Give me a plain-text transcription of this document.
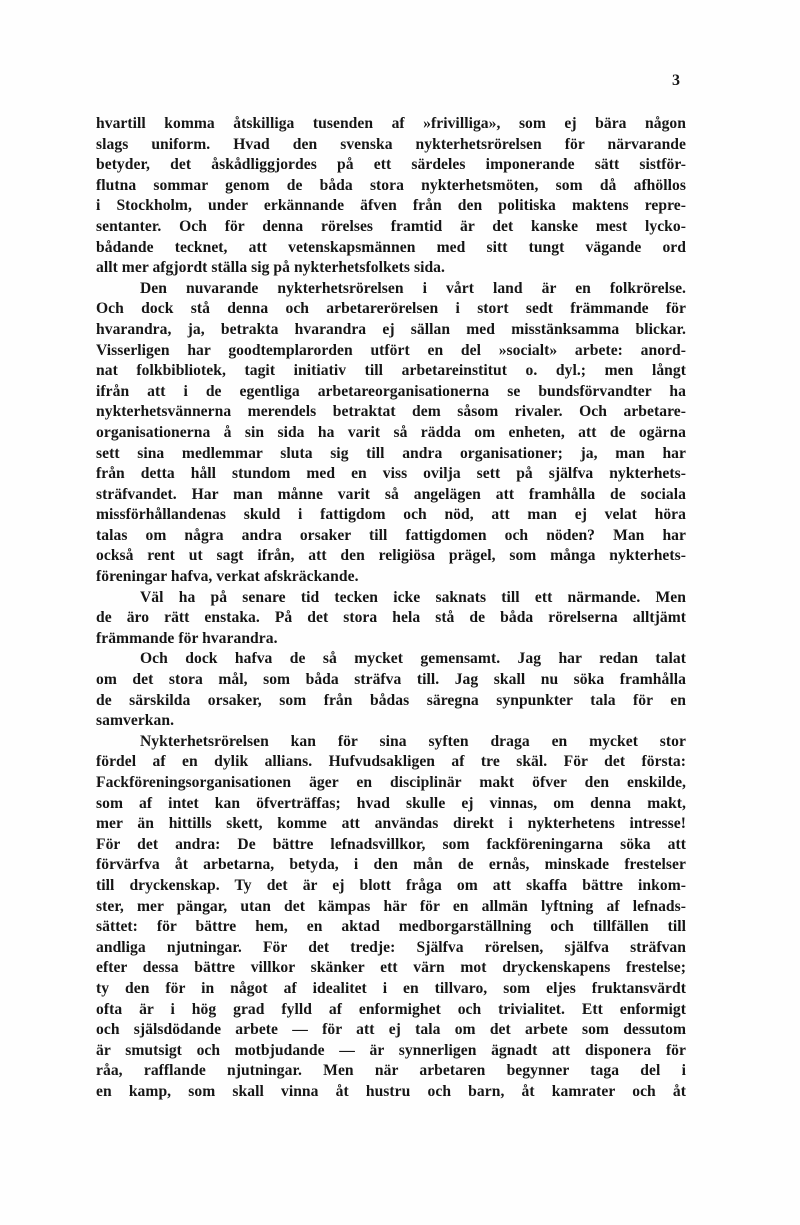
3
hvartill komma åtskilliga tusenden af »frivilliga», som ej bära någon
slags uniform. Hvad den svenska nykterhetsrörelsen för närvarande
betyder, det åskådliggjordes på ett särdeles imponerande sätt sistför-
flutna sommar genom de båda stora nykterhetsmöten, som då afhöllos
i Stockholm, under erkännande äfven från den politiska maktens repre-
sentanter. Och för denna rörelses framtid är det kanske mest lycko-
bådande tecknet, att vetenskapsmännen med sitt tungt vägande ord
allt mer afgjordt ställa sig på nykterhetsfolkets sida.
Den nuvarande nykterhetsrörelsen i vårt land är en folkrörelse.
Och dock stå denna och arbetarerörelsen i stort sedt främmande för
hvarandra, ja, betrakta hvarandra ej sällan med misstänksamma blickar.
Visserligen har goodtemplarorden utfört en del »socialt» arbete: anord-
nat folkbibliotek, tagit initiativ till arbetareinstitut o. dyl.; men långt
ifrån att i de egentliga arbetareorganisationerna se bundsförvandter ha
nykterhetsvännerna merendels betraktat dem såsom rivaler. Och arbetare-
organisationerna å sin sida ha varit så rädda om enheten, att de ogärna
sett sina medlemmar sluta sig till andra organisationer; ja, man har
från detta håll stundom med en viss ovilja sett på själfva nykterhets-
sträfvandet. Har man månne varit så angelägen att framhålla de sociala
missförhållandenas skuld i fattigdom och nöd, att man ej velat höra
talas om några andra orsaker till fattigdomen och nöden? Man har
också rent ut sagt ifrån, att den religiösa prägel, som många nykterhets-
föreningar hafva, verkat afskräckande.
Väl ha på senare tid tecken icke saknats till ett närmande. Men
de äro rätt enstaka. På det stora hela stå de båda rörelserna alltjämt
främmande för hvarandra.
Och dock hafva de så mycket gemensamt. Jag har redan talat
om det stora mål, som båda sträfva till. Jag skall nu söka framhålla
de särskilda orsaker, som från bådas säregna synpunkter tala för en
samverkan.
Nykterhetsrörelsen kan för sina syften draga en mycket stor
fördel af en dylik allians. Hufvudsakligen af tre skäl. För det första:
Fackföreningsorganisationen äger en disciplinär makt öfver den enskilde,
som af intet kan öfverträffas; hvad skulle ej vinnas, om denna makt,
mer än hittills skett, komme att användas direkt i nykterhetens intresse!
För det andra: De bättre lefnadsvillkor, som fackföreningarna söka att
förvärfva åt arbetarna, betyda, i den mån de ernås, minskade frestelser
till dryckenskap. Ty det är ej blott fråga om att skaffa bättre inkom-
ster, mer pängar, utan det kämpas här för en allmän lyftning af lefnads-
sättet: för bättre hem, en aktad medborgarställning och tillfällen till
andliga njutningar. För det tredje: Själfva rörelsen, själfva sträfvan
efter dessa bättre villkor skänker ett värn mot dryckenskapens frestelse;
ty den för in något af idealitet i en tillvaro, som eljes fruktansvärdt
ofta är i hög grad fylld af enformighet och trivialitet. Ett enformigt
och själsdödande arbete — för att ej tala om det arbete som dessutom
är smutsigt och motbjudande — är synnerligen ägnadt att disponera för
råa, rafflande njutningar. Men när arbetaren begynner taga del i
en kamp, som skall vinna åt hustru och barn, åt kamrater och åt
